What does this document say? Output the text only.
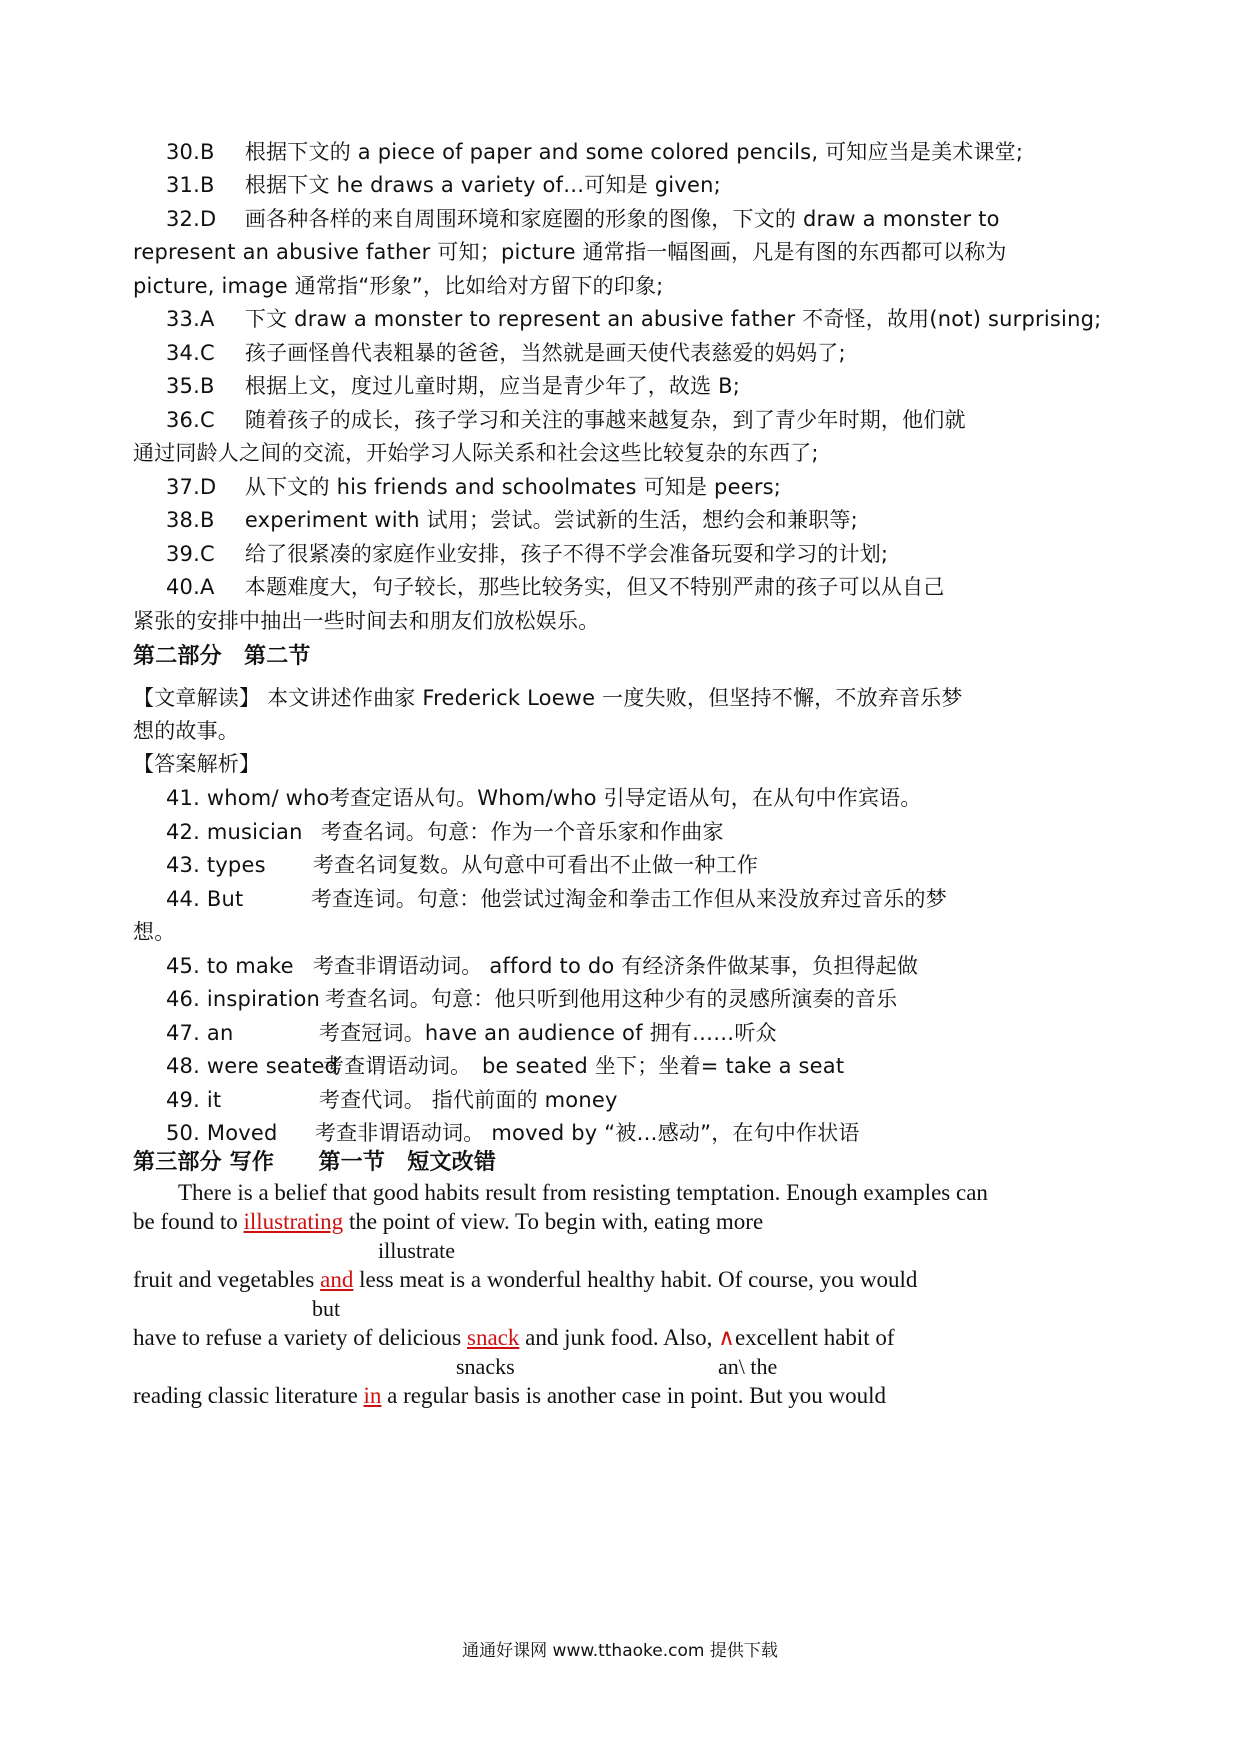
30.B 根据下文的 a piece of paper and some colored pencils, 可知应当是美术课堂;
31.B 根据下文 he draws a variety of…可知是 given;
32.D 画各种各样的来自周围环境和家庭圈的形象的图像，下文的 draw a monster to
represent an abusive father 可知；picture 通常指一幅图画，凡是有图的东西都可以称为
picture, image 通常指“形象”，比如给对方留下的印象;
33.A 下文 draw a monster to represent an abusive father 不奇怪，故用(not) surprising;
34.C 孩子画怪兽代表粗暴的爸爸，当然就是画天使代表慈爱的妈妈了;
35.B 根据上文，度过儿童时期，应当是青少年了，故选 B;
36.C 随着孩子的成长，孩子学习和关注的事越来越复杂，到了青少年时期，他们就
通过同龄人之间的交流，开始学习人际关系和社会这些比较复杂的东西了;
37.D 从下文的 his friends and schoolmates 可知是 peers;
38.B experiment with 试用；尝试。尝试新的生活，想约会和兼职等;
39.C 给了很紧凑的家庭作业安排，孩子不得不学会准备玩耍和学习的计划;
40.A 本题难度大，句子较长，那些比较务实，但又不特别严肃的孩子可以从自己
紧张的安排中抽出一些时间去和朋友们放松娱乐。
第二部分　第二节
【文章解读】 本文讲述作曲家 Frederick Loewe 一度失败，但坚持不懈，不放弃音乐梦
想的故事。
【答案解析】
41. whom/ who 考查定语从句。Whom/who 引导定语从句，在从句中作宾语。
42. musician 考查名词。句意：作为一个音乐家和作曲家
43. types 考查名词复数。从句意中可看出不止做一种工作
44. But	考查连词。句意：他尝试过淘金和拳击工作但从来没放弃过音乐的梦
想。
45. to make 考查非谓语动词。 afford to do 有经济条件做某事，负担得起做
46. inspiration 考查名词。句意：他只听到他用这种少有的灵感所演奏的音乐
47. an	考查冠词。have an audience of 拥有……听众
48. were seated 考查谓语动词。　be seated 坐下；坐着= take a seat
49. it	考查代词。 指代前面的 money
50. Moved 考查非谓语动词。 moved by “被…感动”，在句中作状语
第三部分 写作　　第一节　短文改错
There is a belief that good habits result from resisting temptation. Enough examples can
be found to illustrating the point of view. To begin with, eating more
illustrate
fruit and vegetables and less meat is a wonderful healthy habit. Of course, you would
but
have to refuse a variety of delicious snack and junk food. Also, ∧excellent habit of
snacks	an\ the
reading classic literature in a regular basis is another case in point. But you would
通通好课网 www.tthaoke.com 提供下载
